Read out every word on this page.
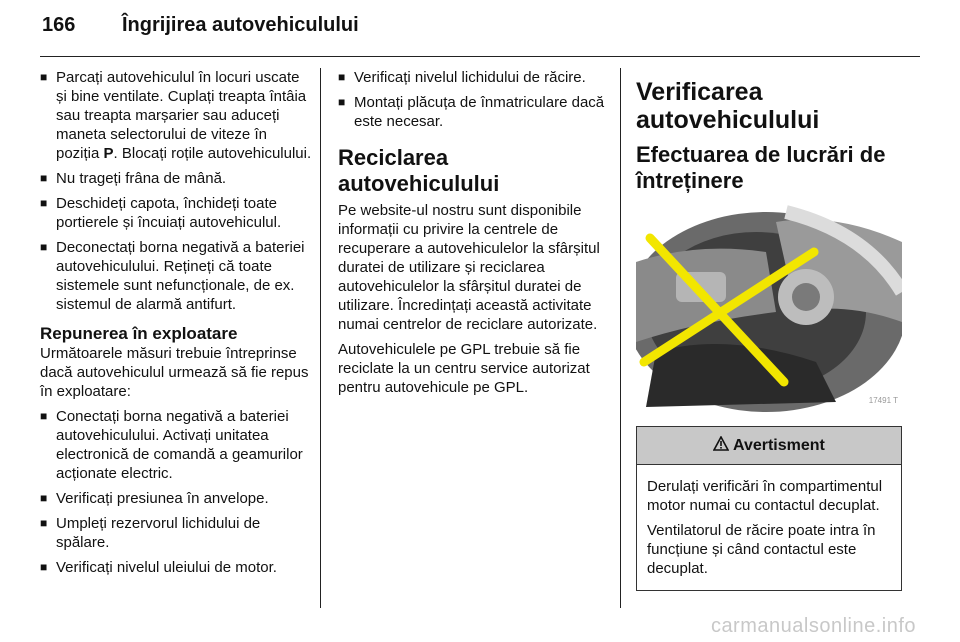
166	Îngrijirea autovehiculului
■ Parcați autovehiculul în locuri uscate și bine ventilate. Cuplați treapta întâia sau treapta marșarier sau aduceți maneta selectorului de viteze în poziția P. Blocați roțile autovehiculului.
■ Nu trageți frâna de mână.
■ Deschideți capota, închideți toate portierele și încuiați autovehiculul.
■ Deconectați borna negativă a bateriei autovehiculului. Rețineți că toate sistemele sunt nefuncționale, de ex. sistemul de alarmă antifurt.
Repunerea în exploatare

Următoarele măsuri trebuie întreprinse dacă autovehiculul urmează să fie repus în exploatare:

■ Conectați borna negativă a bateriei autovehiculului. Activați unitatea electronică de comandă a geamurilor acționate electric.
■ Verificați presiunea în anvelope.
■ Umpleți rezervorul lichidului de spălare.
■ Verificați nivelul uleiului de motor.
■ Verificați nivelul lichidului de răcire.
■ Montați plăcuța de înmatriculare dacă este necesar.
Reciclarea autovehiculului

Pe website-ul nostru sunt disponibile informații cu privire la centrele de recuperare a autovehiculelor la sfârșitul duratei de utilizare și reciclarea autovehiculelor la sfârșitul duratei de utilizare. Încredințați această activitate numai centrelor de reciclare autorizate.

Autovehiculele pe GPL trebuie să fie reciclate la un centru service autorizat pentru autovehicule pe GPL.

Verificarea autovehiculului
Efectuarea de lucrări de întreținere
17491 T
Avertisment

Derulați verificări în compartimentul motor numai cu contactul decuplat.

Ventilatorul de răcire poate intra în funcțiune și când contactul este decuplat.

carmanualsonline.info
